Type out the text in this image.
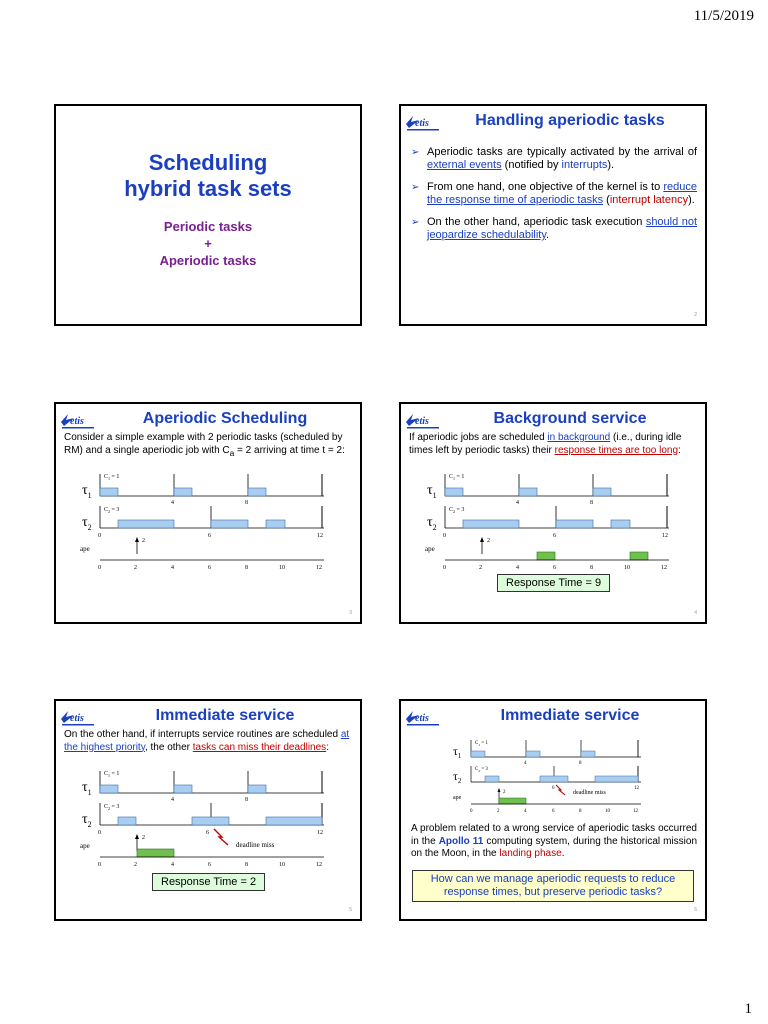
11/5/2019
Scheduling
hybrid task sets
Periodic tasks
+
Aperiodic tasks
etis	Handling aperiodic tasks
➢ Aperiodic tasks are typically activated by the arrival of external events (notified by interrupts).
➢ From one hand, one objective of the kernel is to reduce the response time of aperiodic tasks (interrupt latency).
➢ On the other hand, aperiodic task execution should not jeopardize schedulability.
2
etis	Aperiodic Scheduling
Consider a simple example with 2 periodic tasks (scheduled by RM) and a single aperiodic job with $C_a = 2$ arriving at time t = 2:
$\tau_1$
$C_1 = 1$
4	8
$\tau_2$
$C_2 = 3$
0	6	12
ape
2
0	2	4	6	8	10	12
3
etis	Background service
If aperiodic jobs are scheduled in background (i.e., during idle times left by periodic tasks) their response times are too long:
$\tau_1$
$C_1 = 1$
4	8
$\tau_2$
$C_2 = 3$
0	6	12
ape
2
0	2	4	6	8	10	12
Response Time = 9
4
etis	Immediate service
On the other hand, if interrupts service routines are scheduled at the highest priority, the other tasks can miss their deadlines:
$\tau_1$
$C_1 = 1$
4	8
$\tau_2$
$C_2 = 3$
0	6	12
deadline miss
ape
2
0	2	4	6	8	10	12
Response Time = 2
5
etis	Immediate service
$\tau_1$
$C_1 = 1$
4	8
$\tau_2$
$C_2 = 3$
6	12
deadline miss
ape
2
0	2	4	6	8	10	12
A problem related to a wrong service of aperiodic tasks occurred in the Apollo 11 computing system, during the historical mission on the Moon, in the landing phase.
How can we manage aperiodic requests to reduce response times, but preserve periodic tasks?
6
1
